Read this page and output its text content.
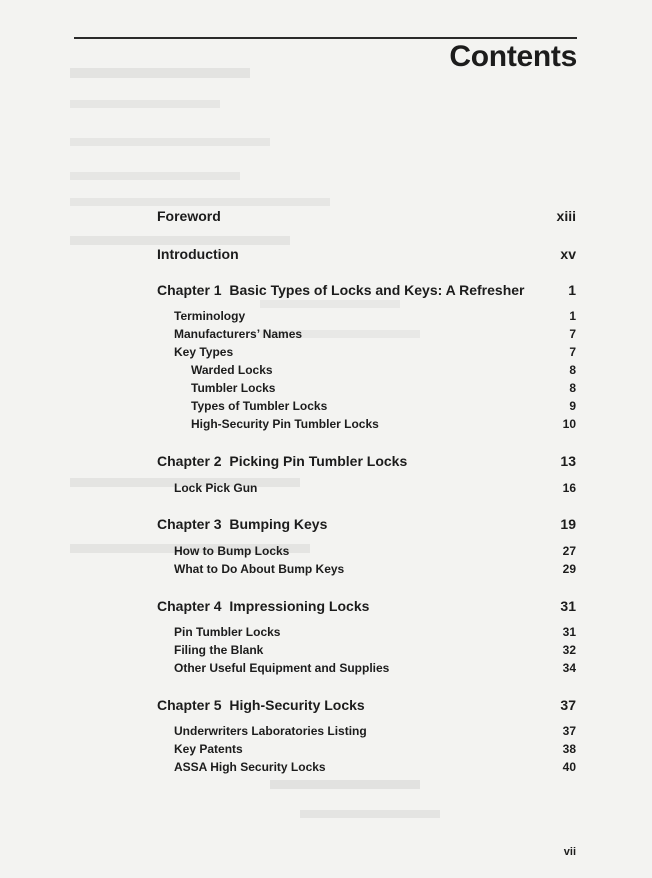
Contents
Foreword	xiii
Introduction	xv
Chapter 1  Basic Types of Locks and Keys: A Refresher	1
Terminology	1
Manufacturers’ Names	7
Key Types	7
Warded Locks	8
Tumbler Locks	8
Types of Tumbler Locks	9
High-Security Pin Tumbler Locks	10
Chapter 2  Picking Pin Tumbler Locks	13
Lock Pick Gun	16
Chapter 3  Bumping Keys	19
How to Bump Locks	27
What to Do About Bump Keys	29
Chapter 4  Impressioning Locks	31
Pin Tumbler Locks	31
Filing the Blank	32
Other Useful Equipment and Supplies	34
Chapter 5  High-Security Locks	37
Underwriters Laboratories Listing	37
Key Patents	38
ASSA High Security Locks	40
vii
